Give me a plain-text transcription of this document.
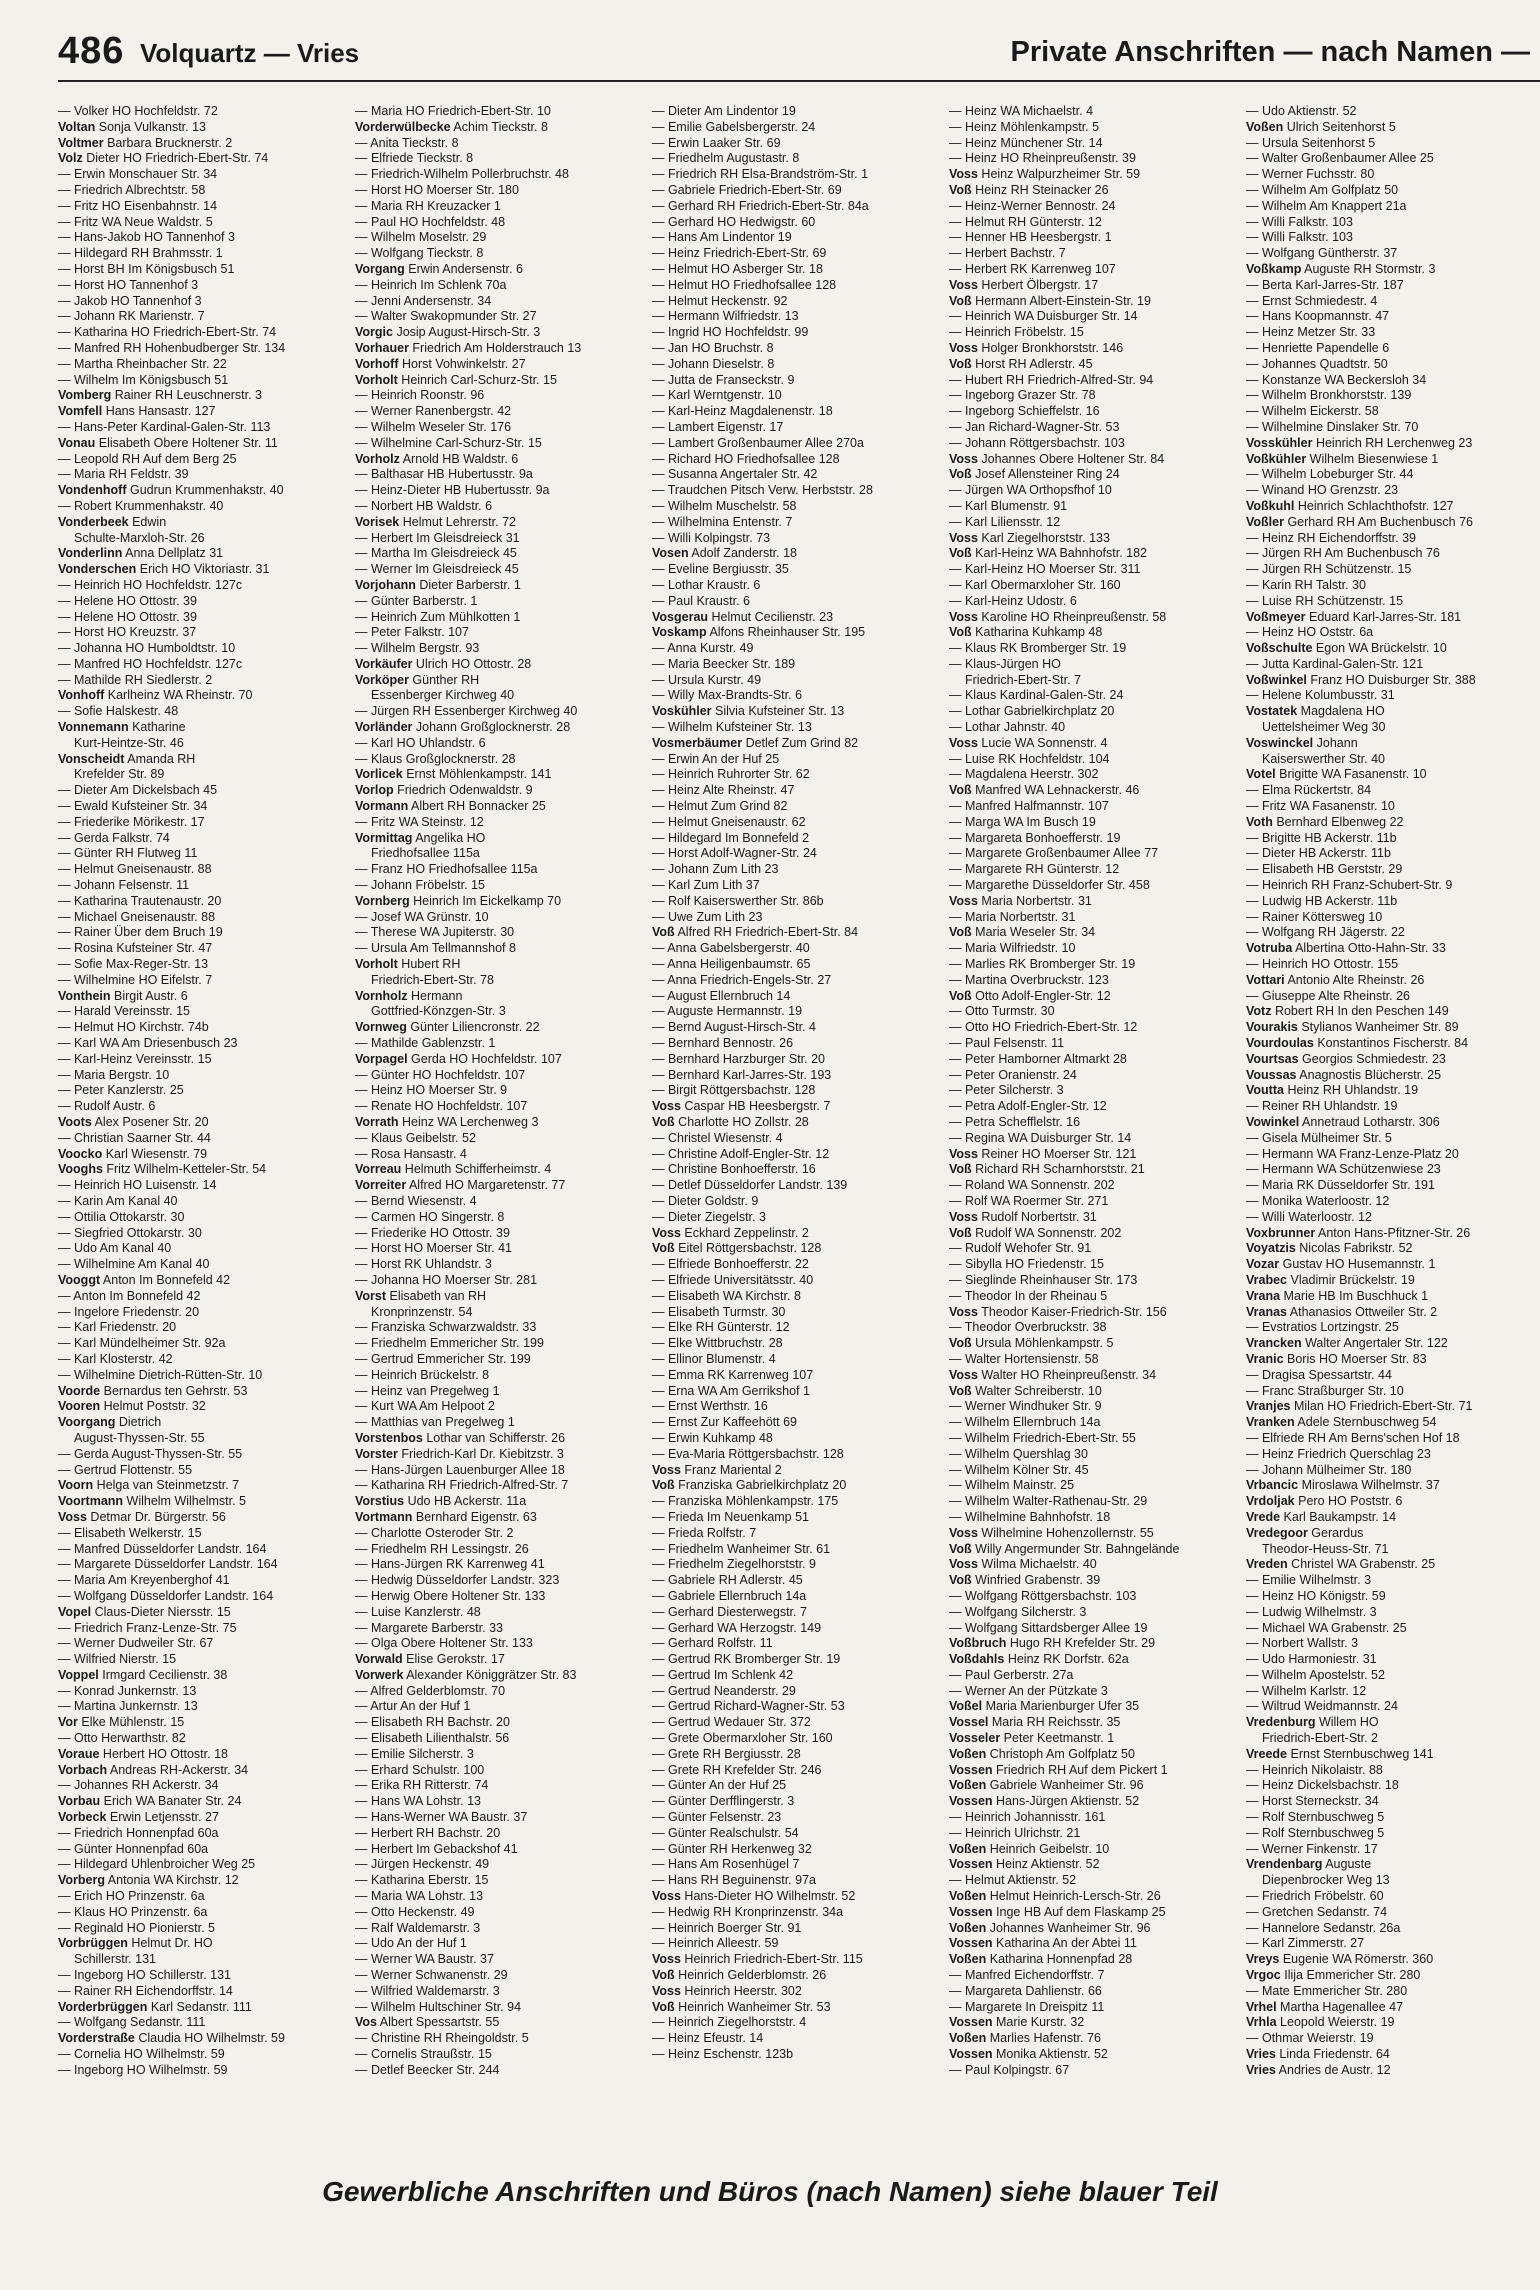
486 Volquartz — Vries	Private Anschriften — nach Namen —
— Volker HO Hochfeldstr. 72
Voltan Sonja Vulkanstr. 13
Voltmer Barbara Brucknerstr. 2
Volz Dieter HO Friedrich-Ebert-Str. 74
— Erwin Monschauer Str. 34
— Friedrich Albrechtstr. 58
— Fritz HO Eisenbahnstr. 14
— Fritz WA Neue Waldstr. 5
— Hans-Jakob HO Tannenhof 3
— Hildegard RH Brahmsstr. 1
— Horst BH Im Königsbusch 51
— Horst HO Tannenhof 3
— Jakob HO Tannenhof 3
— Johann RK Marienstr. 7
— Katharina HO Friedrich-Ebert-Str. 74
— Manfred RH Hohenbudberger Str. 134
— Martha Rheinbacher Str. 22
— Wilhelm Im Königsbusch 51
Vomberg Rainer RH Leuschnerstr. 3
Vomfell Hans Hansastr. 127
— Hans-Peter Kardinal-Galen-Str. 113
Vonau Elisabeth Obere Holtener Str. 11
— Leopold RH Auf dem Berg 25
— Maria RH Feldstr. 39
Vondenhoff Gudrun Krummenhakstr. 40
— Robert Krummenhakstr. 40
Vonderbeek Edwin
Schulte-Marxloh-Str. 26
Vonderlinn Anna Dellplatz 31
Vonderschen Erich HO Viktoriastr. 31
— Heinrich HO Hochfeldstr. 127c
— Helene HO Ottostr. 39
— Helene HO Ottostr. 39
— Horst HO Kreuzstr. 37
— Johanna HO Humboldtstr. 10
— Manfred HO Hochfeldstr. 127c
— Mathilde RH Siedlerstr. 2
Vonhoff Karlheinz WA Rheinstr. 70
— Sofie Halskestr. 48
Vonnemann Katharine
Kurt-Heintze-Str. 46
Vonscheidt Amanda RH
Krefelder Str. 89
— Dieter Am Dickelsbach 45
— Ewald Kufsteiner Str. 34
— Friederike Mörikestr. 17
— Gerda Falkstr. 74
— Günter RH Flutweg 11
— Helmut Gneisenaustr. 88
— Johann Felsenstr. 11
— Katharina Trautenaustr. 20
— Michael Gneisenaustr. 88
— Rainer Über dem Bruch 19
— Rosina Kufsteiner Str. 47
— Sofie Max-Reger-Str. 13
— Wilhelmine HO Eifelstr. 7
Vonthein Birgit Austr. 6
— Harald Vereinsstr. 15
— Helmut HO Kirchstr. 74b
— Karl WA Am Driesenbusch 23
— Karl-Heinz Vereinsstr. 15
— Maria Bergstr. 10
— Peter Kanzlerstr. 25
— Rudolf Austr. 6
Voots Alex Posener Str. 20
— Christian Saarner Str. 44
Voocko Karl Wiesenstr. 79
Vooghs Fritz Wilhelm-Ketteler-Str. 54
— Heinrich HO Luisenstr. 14
— Karin Am Kanal 40
— Ottilia Ottokarstr. 30
— Siegfried Ottokarstr. 30
— Udo Am Kanal 40
— Wilhelmine Am Kanal 40
Vooggt Anton Im Bonnefeld 42
— Anton Im Bonnefeld 42
— Ingelore Friedenstr. 20
— Karl Friedenstr. 20
— Karl Mündelheimer Str. 92a
— Karl Klosterstr. 42
— Wilhelmine Dietrich-Rütten-Str. 10
Voorde Bernardus ten Gehrstr. 53
Vooren Helmut Poststr. 32
Voorgang Dietrich
August-Thyssen-Str. 55
— Gerda August-Thyssen-Str. 55
— Gertrud Flottenstr. 55
Voorn Helga van Steinmetzstr. 7
Voortmann Wilhelm Wilhelmstr. 5
Voss Detmar Dr. Bürgerstr. 56
— Elisabeth Welkerstr. 15
— Manfred Düsseldorfer Landstr. 164
— Margarete Düsseldorfer Landstr. 164
— Maria Am Kreyenberghof 41
— Wolfgang Düsseldorfer Landstr. 164
Vopel Claus-Dieter Niersstr. 15
— Friedrich Franz-Lenze-Str. 75
— Werner Dudweiler Str. 67
— Wilfried Nierstr. 15
Voppel Irmgard Cecilienstr. 38
— Konrad Junkernstr. 13
— Martina Junkernstr. 13
Vor Elke Mühlenstr. 15
— Otto Herwarthstr. 82
Voraue Herbert HO Ottostr. 18
Vorbach Andreas RH-Ackerstr. 34
— Johannes RH Ackerstr. 34
Vorbau Erich WA Banater Str. 24
Vorbeck Erwin Letjensstr. 27
— Friedrich Honnenpfad 60a
— Günter Honnenpfad 60a
— Hildegard Uhlenbroicher Weg 25
Vorberg Antonia WA Kirchstr. 12
— Erich HO Prinzenstr. 6a
— Klaus HO Prinzenstr. 6a
— Reginald HO Pionierstr. 5
Vorbrüggen Helmut Dr. HO
Schillerstr. 131
— Ingeborg HO Schillerstr. 131
— Rainer RH Eichendorffstr. 14
Vorderbrüggen Karl Sedanstr. 111
— Wolfgang Sedanstr. 111
Vorderstraße Claudia HO Wilhelmstr. 59
— Cornelia HO Wilhelmstr. 59
— Ingeborg HO Wilhelmstr. 59
— Maria HO Friedrich-Ebert-Str. 10
Vorderwülbecke Achim Tieckstr. 8
— Anita Tieckstr. 8
— Elfriede Tieckstr. 8
— Friedrich-Wilhelm Pollerbruchstr. 48
— Horst HO Moerser Str. 180
— Maria RH Kreuzacker 1
— Paul HO Hochfeldstr. 48
— Wilhelm Moselstr. 29
— Wolfgang Tieckstr. 8
Vorgang Erwin Andersenstr. 6
— Heinrich Im Schlenk 70a
— Jenni Andersenstr. 34
— Walter Swakopmunder Str. 27
Vorgic Josip August-Hirsch-Str. 3
Vorhauer Friedrich Am Holderstrauch 13
Vorhoff Horst Vohwinkelstr. 27
Vorholt Heinrich Carl-Schurz-Str. 15
— Heinrich Roonstr. 96
— Werner Ranenbergstr. 42
— Wilhelm Weseler Str. 176
— Wilhelmine Carl-Schurz-Str. 15
Vorholz Arnold HB Waldstr. 6
— Balthasar HB Hubertusstr. 9a
— Heinz-Dieter HB Hubertusstr. 9a
— Norbert HB Waldstr. 6
Vorisek Helmut Lehrerstr. 72
— Herbert Im Gleisdreieck 31
— Martha Im Gleisdreieck 45
— Werner Im Gleisdreieck 45
Vorjohann Dieter Barberstr. 1
— Günter Barberstr. 1
— Heinrich Zum Mühlkotten 1
— Peter Falkstr. 107
— Wilhelm Bergstr. 93
Vorkäufer Ulrich HO Ottostr. 28
Vorköper Günther RH
Essenberger Kirchweg 40
— Jürgen RH Essenberger Kirchweg 40
Vorländer Johann Großglocknerstr. 28
— Karl HO Uhlandstr. 6
— Klaus Großglocknerstr. 28
Vorlicek Ernst Möhlenkampstr. 141
Vorlop Friedrich Odenwaldstr. 9
Vormann Albert RH Bonnacker 25
— Fritz WA Steinstr. 12
Vormittag Angelika HO
Friedhofsallee 115a
— Franz HO Friedhofsallee 115a
— Johann Fröbelstr. 15
Vornberg Heinrich Im Eickelkamp 70
— Josef WA Grünstr. 10
— Therese WA Jupiterstr. 30
— Ursula Am Tellmannshof 8
Vorholt Hubert RH
Friedrich-Ebert-Str. 78
Vornholz Hermann
Gottfried-Könzgen-Str. 3
Vornweg Günter Liliencronstr. 22
— Mathilde Gablenzstr. 1
Vorpagel Gerda HO Hochfeldstr. 107
— Günter HO Hochfeldstr. 107
— Heinz HO Moerser Str. 9
— Renate HO Hochfeldstr. 107
Vorrath Heinz WA Lerchenweg 3
— Klaus Geibelstr. 52
— Rosa Hansastr. 4
Vorreau Helmuth Schifferheimstr. 4
Vorreiter Alfred HO Margaretenstr. 77
— Bernd Wiesenstr. 4
— Carmen HO Singerstr. 8
— Friederike HO Ottostr. 39
— Horst HO Moerser Str. 41
— Horst RK Uhlandstr. 3
— Johanna HO Moerser Str. 281
Vorst Elisabeth van RH
Kronprinzenstr. 54
— Franziska Schwarzwaldstr. 33
— Friedhelm Emmericher Str. 199
— Gertrud Emmericher Str. 199
— Heinrich Brückelstr. 8
— Heinz van Pregelweg 1
— Kurt WA Am Helpoot 2
— Matthias van Pregelweg 1
Vorstenbos Lothar van Schifferstr. 26
Vorster Friedrich-Karl Dr. Kiebitzstr. 3
— Hans-Jürgen Lauenburger Allee 18
— Katharina RH Friedrich-Alfred-Str. 7
Vorstius Udo HB Ackerstr. 11a
Vortmann Bernhard Eigenstr. 63
— Charlotte Osteroder Str. 2
— Friedhelm RH Lessingstr. 26
— Hans-Jürgen RK Karrenweg 41
— Hedwig Düsseldorfer Landstr. 323
— Herwig Obere Holtener Str. 133
— Luise Kanzlerstr. 48
— Margarete Barberstr. 33
— Olga Obere Holtener Str. 133
Vorwald Elise Gerokstr. 17
Vorwerk Alexander Königgrätzer Str. 83
— Alfred Gelderblomstr. 70
— Artur An der Huf 1
— Elisabeth RH Bachstr. 20
— Elisabeth Lilienthalstr. 56
— Emilie Silcherstr. 3
— Erhard Schulstr. 100
— Erika RH Ritterstr. 74
— Hans WA Lohstr. 13
— Hans-Werner WA Baustr. 37
— Herbert RH Bachstr. 20
— Herbert Im Gebackshof 41
— Jürgen Heckenstr. 49
— Katharina Eberstr. 15
— Maria WA Lohstr. 13
— Otto Heckenstr. 49
— Ralf Waldemarstr. 3
— Udo An der Huf 1
— Werner WA Baustr. 37
— Werner Schwanenstr. 29
— Wilfried Waldemarstr. 3
— Wilhelm Hultschiner Str. 94
Vos Albert Spessartstr. 55
— Christine RH Rheingoldstr. 5
— Cornelis Straußstr. 15
— Detlef Beecker Str. 244
— Dieter Am Lindentor 19
— Emilie Gabelsbergerstr. 24
— Erwin Laaker Str. 69
— Friedhelm Augustastr. 8
— Friedrich RH Elsa-Brandström-Str. 1
— Gabriele Friedrich-Ebert-Str. 69
— Gerhard RH Friedrich-Ebert-Str. 84a
— Gerhard HO Hedwigstr. 60
— Hans Am Lindentor 19
— Heinz Friedrich-Ebert-Str. 69
— Helmut HO Asberger Str. 18
— Helmut HO Friedhofsallee 128
— Helmut Heckenstr. 92
— Hermann Wilfriedstr. 13
— Ingrid HO Hochfeldstr. 99
— Jan HO Bruchstr. 8
— Johann Dieselstr. 8
— Jutta de Franseckstr. 9
— Karl Werntgenstr. 10
— Karl-Heinz Magdalenenstr. 18
— Lambert Eigenstr. 17
— Lambert Großenbaumer Allee 270a
— Richard HO Friedhofsallee 128
— Susanna Angertaler Str. 42
— Traudchen Pitsch Verw. Herbststr. 28
— Wilhelm Muschelstr. 58
— Wilhelmina Entenstr. 7
— Willi Kolpingstr. 73
Vosen Adolf Zanderstr. 18
— Eveline Bergiusstr. 35
— Lothar Kraustr. 6
— Paul Kraustr. 6
Vosgerau Helmut Cecilienstr. 23
Voskamp Alfons Rheinhauser Str. 195
— Anna Kurstr. 49
— Maria Beecker Str. 189
— Ursula Kurstr. 49
— Willy Max-Brandts-Str. 6
Voskühler Silvia Kufsteiner Str. 13
— Wilhelm Kufsteiner Str. 13
Vosmerbäumer Detlef Zum Grind 82
— Erwin An der Huf 25
— Heinrich Ruhrorter Str. 62
— Heinz Alte Rheinstr. 47
— Helmut Zum Grind 82
— Helmut Gneisenaustr. 62
— Hildegard Im Bonnefeld 2
— Horst Adolf-Wagner-Str. 24
— Johann Zum Lith 23
— Karl Zum Lith 37
— Rolf Kaiserswerther Str. 86b
— Uwe Zum Lith 23
Voß Alfred RH Friedrich-Ebert-Str. 84
— Anna Gabelsbergerstr. 40
— Anna Heiligenbaumstr. 65
— Anna Friedrich-Engels-Str. 27
— August Ellernbruch 14
— Auguste Hermannstr. 19
— Bernd August-Hirsch-Str. 4
— Bernhard Bennostr. 26
— Bernhard Harzburger Str. 20
— Bernhard Karl-Jarres-Str. 193
— Birgit Röttgersbachstr. 128
Voss Caspar HB Heesbergstr. 7
Voß Charlotte HO Zollstr. 28
— Christel Wiesenstr. 4
— Christine Adolf-Engler-Str. 12
— Christine Bonhoefferstr. 16
— Detlef Düsseldorfer Landstr. 139
— Dieter Goldstr. 9
— Dieter Ziegelstr. 3
Voss Eckhard Zeppelinstr. 2
Voß Eitel Röttgersbachstr. 128
— Elfriede Bonhoefferstr. 22
— Elfriede Universitätsstr. 40
— Elisabeth WA Kirchstr. 8
— Elisabeth Turmstr. 30
— Elke RH Günterstr. 12
— Elke Wittbruchstr. 28
— Ellinor Blumenstr. 4
— Emma RK Karrenweg 107
— Erna WA Am Gerrikshof 1
— Ernst Werthstr. 16
— Ernst Zur Kaffeehött 69
— Erwin Kuhkamp 48
— Eva-Maria Röttgersbachstr. 128
Voss Franz Mariental 2
Voß Franziska Gabrielkirchplatz 20
— Franziska Möhlenkampstr. 175
— Frieda Im Neuenkamp 51
— Frieda Rolfstr. 7
— Friedhelm Wanheimer Str. 61
— Friedhelm Ziegelhorststr. 9
— Gabriele RH Adlerstr. 45
— Gabriele Ellernbruch 14a
— Gerhard Diesterwegstr. 7
— Gerhard WA Herzogstr. 149
— Gerhard Rolfstr. 11
— Gertrud RK Bromberger Str. 19
— Gertrud Im Schlenk 42
— Gertrud Neanderstr. 29
— Gertrud Richard-Wagner-Str. 53
— Gertrud Wedauer Str. 372
— Grete Obermarxloher Str. 160
— Grete RH Bergiusstr. 28
— Grete RH Krefelder Str. 246
— Günter An der Huf 25
— Günter Derfflingerstr. 3
— Günter Felsenstr. 23
— Günter Realschulstr. 54
— Günter RH Herkenweg 32
— Hans Am Rosenhügel 7
— Hans RH Beguinenstr. 97a
Voss Hans-Dieter HO Wilhelmstr. 52
— Hedwig RH Kronprinzenstr. 34a
— Heinrich Boerger Str. 91
— Heinrich Alleestr. 59
Voss Heinrich Friedrich-Ebert-Str. 115
Voß Heinrich Gelderblomstr. 26
Voss Heinrich Heerstr. 302
Voß Heinrich Wanheimer Str. 53
— Heinrich Ziegelhorststr. 4
— Heinz Efeustr. 14
— Heinz Eschenstr. 123b
— Heinz WA Michaelstr. 4
— Heinz Möhlenkampstr. 5
— Heinz Münchener Str. 14
— Heinz HO Rheinpreußenstr. 39
Voss Heinz Walpurzheimer Str. 59
Voß Heinz RH Steinacker 26
— Heinz-Werner Bennostr. 24
— Helmut RH Günterstr. 12
— Henner HB Heesbergstr. 1
— Herbert Bachstr. 7
— Herbert RK Karrenweg 107
Voss Herbert Ölbergstr. 17
Voß Hermann Albert-Einstein-Str. 19
— Heinrich WA Duisburger Str. 14
— Heinrich Fröbelstr. 15
Voss Holger Bronkhorststr. 146
Voß Horst RH Adlerstr. 45
— Hubert RH Friedrich-Alfred-Str. 94
— Ingeborg Grazer Str. 78
— Ingeborg Schieffelstr. 16
— Jan Richard-Wagner-Str. 53
— Johann Röttgersbachstr. 103
Voss Johannes Obere Holtener Str. 84
Voß Josef Allensteiner Ring 24
— Jürgen WA Orthopsfhof 10
— Karl Blumenstr. 91
— Karl Liliensstr. 12
Voss Karl Ziegelhorststr. 133
Voß Karl-Heinz WA Bahnhofstr. 182
— Karl-Heinz HO Moerser Str. 311
— Karl Obermarxloher Str. 160
— Karl-Heinz Udostr. 6
Voss Karoline HO Rheinpreußenstr. 58
Voß Katharina Kuhkamp 48
— Klaus RK Bromberger Str. 19
— Klaus-Jürgen HO
Friedrich-Ebert-Str. 7
— Klaus Kardinal-Galen-Str. 24
— Lothar Gabrielkirchplatz 20
— Lothar Jahnstr. 40
Voss Lucie WA Sonnenstr. 4
— Luise RK Hochfeldstr. 104
— Magdalena Heerstr. 302
Voß Manfred WA Lehnackerstr. 46
— Manfred Halfmannstr. 107
— Marga WA Im Busch 19
— Margareta Bonhoefferstr. 19
— Margarete Großenbaumer Allee 77
— Margarete RH Günterstr. 12
— Margarethe Düsseldorfer Str. 458
Voss Maria Norbertstr. 31
— Maria Norbertstr. 31
Voß Maria Weseler Str. 34
— Maria Wilfriedstr. 10
— Marlies RK Bromberger Str. 19
— Martina Overbruckstr. 123
Voß Otto Adolf-Engler-Str. 12
— Otto Turmstr. 30
— Otto HO Friedrich-Ebert-Str. 12
— Paul Felsenstr. 11
— Peter Hamborner Altmarkt 28
— Peter Oranienstr. 24
— Peter Silcherstr. 3
— Petra Adolf-Engler-Str. 12
— Petra Schefflelstr. 16
— Regina WA Duisburger Str. 14
Voss Reiner HO Moerser Str. 121
Voß Richard RH Scharnhorststr. 21
— Roland WA Sonnenstr. 202
— Rolf WA Roermer Str. 271
Voss Rudolf Norbertstr. 31
Voß Rudolf WA Sonnenstr. 202
— Rudolf Wehofer Str. 91
— Sibylla HO Friedenstr. 15
— Sieglinde Rheinhauser Str. 173
— Theodor In der Rheinau 5
Voss Theodor Kaiser-Friedrich-Str. 156
— Theodor Overbruckstr. 38
Voß Ursula Möhlenkampstr. 5
— Walter Hortensienstr. 58
Voss Walter HO Rheinpreußenstr. 34
Voß Walter Schreiberstr. 10
— Werner Windhuker Str. 9
— Wilhelm Ellernbruch 14a
— Wilhelm Friedrich-Ebert-Str. 55
— Wilhelm Quershlag 30
— Wilhelm Kölner Str. 45
— Wilhelm Mainstr. 25
— Wilhelm Walter-Rathenau-Str. 29
— Wilhelmine Bahnhofstr. 18
Voss Wilhelmine Hohenzollernstr. 55
Voß Willy Angermunder Str. Bahngelände
Voss Wilma Michaelstr. 40
Voß Winfried Grabenstr. 39
— Wolfgang Röttgersbachstr. 103
— Wolfgang Silcherstr. 3
— Wolfgang Sittardsberger Allee 19
Voßbruch Hugo RH Krefelder Str. 29
Voßdahls Heinz RK Dorfstr. 62a
— Paul Gerberstr. 27a
— Werner An der Pützkate 3
Voßel Maria Marienburger Ufer 35
Vossel Maria RH Reichsstr. 35
Vosseler Peter Keetmanstr. 1
Voßen Christoph Am Golfplatz 50
Vossen Friedrich RH Auf dem Pickert 1
Voßen Gabriele Wanheimer Str. 96
Vossen Hans-Jürgen Aktienstr. 52
— Heinrich Johannisstr. 161
— Heinrich Ulrichstr. 21
Voßen Heinrich Geibelstr. 10
Vossen Heinz Aktienstr. 52
— Helmut Aktienstr. 52
Voßen Helmut Heinrich-Lersch-Str. 26
Vossen Inge HB Auf dem Flaskamp 25
Voßen Johannes Wanheimer Str. 96
Vossen Katharina An der Abtei 11
Voßen Katharina Honnenpfad 28
— Manfred Eichendorffstr. 7
— Margareta Dahlienstr. 66
— Margarete In Dreispitz 11
Vossen Marie Kurstr. 32
Voßen Marlies Hafenstr. 76
Vossen Monika Aktienstr. 52
— Paul Kolpingstr. 67
— Udo Aktienstr. 52
Voßen Ulrich Seitenhorst 5
— Ursula Seitenhorst 5
— Walter Großenbaumer Allee 25
— Werner Fuchsstr. 80
— Wilhelm Am Golfplatz 50
— Wilhelm Am Knappert 21a
— Willi Falkstr. 103
— Willi Falkstr. 103
— Wolfgang Güntherstr. 37
Voßkamp Auguste RH Stormstr. 3
— Berta Karl-Jarres-Str. 187
— Ernst Schmiedestr. 4
— Hans Koopmannstr. 47
— Heinz Metzer Str. 33
— Henriette Papendelle 6
— Johannes Quadtstr. 50
— Konstanze WA Beckersloh 34
— Wilhelm Bronkhorststr. 139
— Wilhelm Eickerstr. 58
— Wilhelmine Dinslaker Str. 70
Vosskühler Heinrich RH Lerchenweg 23
Voßkühler Wilhelm Biesenwiese 1
— Wilhelm Lobeburger Str. 44
— Winand HO Grenzstr. 23
Voßkuhl Heinrich Schlachthofstr. 127
Voßler Gerhard RH Am Buchenbusch 76
— Heinz RH Eichendorffstr. 39
— Jürgen RH Am Buchenbusch 76
— Jürgen RH Schützenstr. 15
— Karin RH Talstr. 30
— Luise RH Schützenstr. 15
Voßmeyer Eduard Karl-Jarres-Str. 181
— Heinz HO Oststr. 6a
Voßschulte Egon WA Brückelstr. 10
— Jutta Kardinal-Galen-Str. 121
Voßwinkel Franz HO Duisburger Str. 388
— Helene Kolumbusstr. 31
Vostatek Magdalena HO
Uettelsheimer Weg 30
Voswinckel Johann
Kaiserswerther Str. 40
Votel Brigitte WA Fasanenstr. 10
— Elma Rückertstr. 84
— Fritz WA Fasanenstr. 10
Voth Bernhard Elbenweg 22
— Brigitte HB Ackerstr. 11b
— Dieter HB Ackerstr. 11b
— Elisabeth HB Gerststr. 29
— Heinrich RH Franz-Schubert-Str. 9
— Ludwig HB Ackerstr. 11b
— Rainer Köttersweg 10
— Wolfgang RH Jägerstr. 22
Votruba Albertina Otto-Hahn-Str. 33
— Heinrich HO Ottostr. 155
Vottari Antonio Alte Rheinstr. 26
— Giuseppe Alte Rheinstr. 26
Votz Robert RH In den Peschen 149
Vourakis Stylianos Wanheimer Str. 89
Vourdoulas Konstantinos Fischerstr. 84
Vourtsas Georgios Schmiedestr. 23
Voussas Anagnostis Blücherstr. 25
Voutta Heinz RH Uhlandstr. 19
— Reiner RH Uhlandstr. 19
Vowinkel Annetraud Lotharstr. 306
— Gisela Mülheimer Str. 5
— Hermann WA Franz-Lenze-Platz 20
— Hermann WA Schützenwiese 23
— Maria RK Düsseldorfer Str. 191
— Monika Waterloostr. 12
— Willi Waterloostr. 12
Voxbrunner Anton Hans-Pfitzner-Str. 26
Voyatzis Nicolas Fabrikstr. 52
Vozar Gustav HO Husemannstr. 1
Vrabec Vladimir Brückelstr. 19
Vrana Marie HB Im Buschhuck 1
Vranas Athanasios Ottweiler Str. 2
— Evstratios Lortzingstr. 25
Vrancken Walter Angertaler Str. 122
Vranic Boris HO Moerser Str. 83
— Dragisa Spessartstr. 44
— Franc Straßburger Str. 10
Vranjes Milan HO Friedrich-Ebert-Str. 71
Vranken Adele Sternbuschweg 54
— Elfriede RH Am Berns'schen Hof 18
— Heinz Friedrich Querschlag 23
— Johann Mülheimer Str. 180
Vrbancic Miroslawa Wilhelmstr. 37
Vrdoljak Pero HO Poststr. 6
Vrede Karl Baukampstr. 14
Vredegoor Gerardus
Theodor-Heuss-Str. 71
Vreden Christel WA Grabenstr. 25
— Emilie Wilhelmstr. 3
— Heinz HO Königstr. 59
— Ludwig Wilhelmstr. 3
— Michael WA Grabenstr. 25
— Norbert Wallstr. 3
— Udo Harmoniestr. 31
— Wilhelm Apostelstr. 52
— Wilhelm Karlstr. 12
— Wiltrud Weidmannstr. 24
Vredenburg Willem HO
Friedrich-Ebert-Str. 2
Vreede Ernst Sternbuschweg 141
— Heinrich Nikolaistr. 88
— Heinz Dickelsbachstr. 18
— Horst Sterneckstr. 34
— Rolf Sternbuschweg 5
— Rolf Sternbuschweg 5
— Werner Finkenstr. 17
Vrendenbarg Auguste
Diepenbrocker Weg 13
— Friedrich Fröbelstr. 60
— Gretchen Sedanstr. 74
— Hannelore Sedanstr. 26a
— Karl Zimmerstr. 27
Vreys Eugenie WA Römerstr. 360
Vrgoc Ilija Emmericher Str. 280
— Mate Emmericher Str. 280
Vrhel Martha Hagenallee 47
Vrhla Leopold Weierstr. 19
— Othmar Weierstr. 19
Vries Linda Friedenstr. 64
Vries Andries de Austr. 12
Gewerbliche Anschriften und Büros (nach Namen) siehe blauer Teil
